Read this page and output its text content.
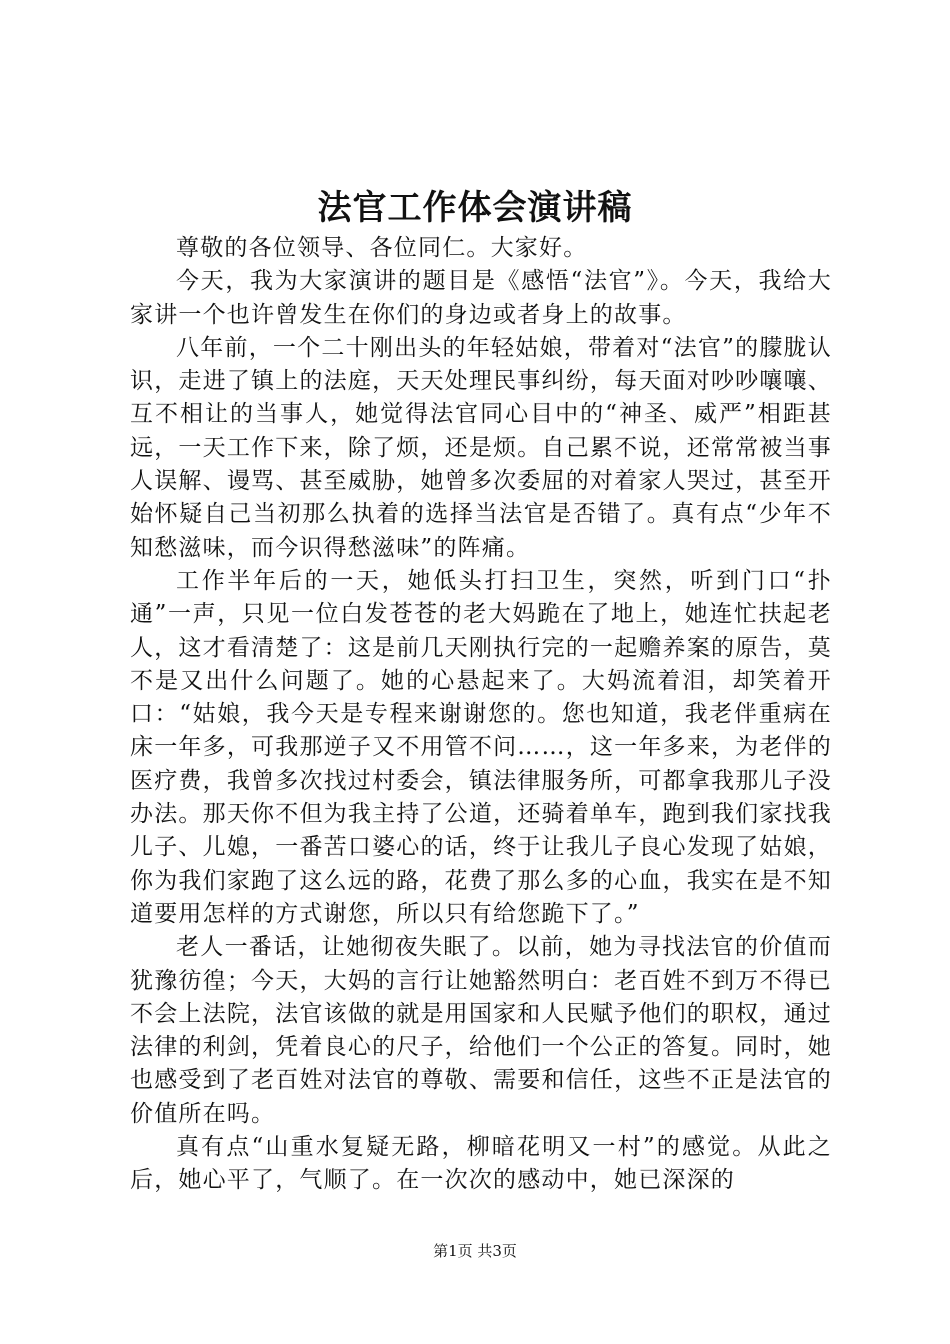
法官工作体会演讲稿

尊敬的各位领导、各位同仁。大家好。

今天，我为大家演讲的题目是《感悟“法官”》。今天，我给大家讲一个也许曾发生在你们的身边或者身上的故事。

八年前，一个二十刚出头的年轻姑娘，带着对“法官”的朦胧认识，走进了镇上的法庭，天天处理民事纠纷，每天面对吵吵嚷嚷、互不相让的当事人，她觉得法官同心目中的“神圣、威严”相距甚远，一天工作下来，除了烦，还是烦。自己累不说，还常常被当事人误解、谩骂、甚至威胁，她曾多次委屈的对着家人哭过，甚至开始怀疑自己当初那么执着的选择当法官是否错了。真有点“少年不知愁滋味，而今识得愁滋味”的阵痛。

工作半年后的一天，她低头打扫卫生，突然，听到门口“扑通”一声，只见一位白发苍苍的老大妈跪在了地上，她连忙扶起老人，这才看清楚了：这是前几天刚执行完的一起赡养案的原告，莫不是又出什么问题了。她的心悬起来了。大妈流着泪，却笑着开口：“姑娘，我今天是专程来谢谢您的。您也知道，我老伴重病在床一年多，可我那逆子又不用管不问……，这一年多来，为老伴的医疗费，我曾多次找过村委会，镇法律服务所，可都拿我那儿子没办法。那天你不但为我主持了公道，还骑着单车，跑到我们家找我儿子、儿媳，一番苦口婆心的话，终于让我儿子良心发现了姑娘，你为我们家跑了这么远的路，花费了那么多的心血，我实在是不知道要用怎样的方式谢您，所以只有给您跪下了。”

老人一番话，让她彻夜失眠了。以前，她为寻找法官的价值而犹豫彷徨；今天，大妈的言行让她豁然明白：老百姓不到万不得已不会上法院，法官该做的就是用国家和人民赋予他们的职权，通过法律的利剑，凭着良心的尺子，给他们一个公正的答复。同时，她也感受到了老百姓对法官的尊敬、需要和信任，这些不正是法官的价值所在吗。

真有点“山重水复疑无路，柳暗花明又一村”的感觉。从此之后，她心平了，气顺了。在一次次的感动中，她已深深的

第1页 共3页
